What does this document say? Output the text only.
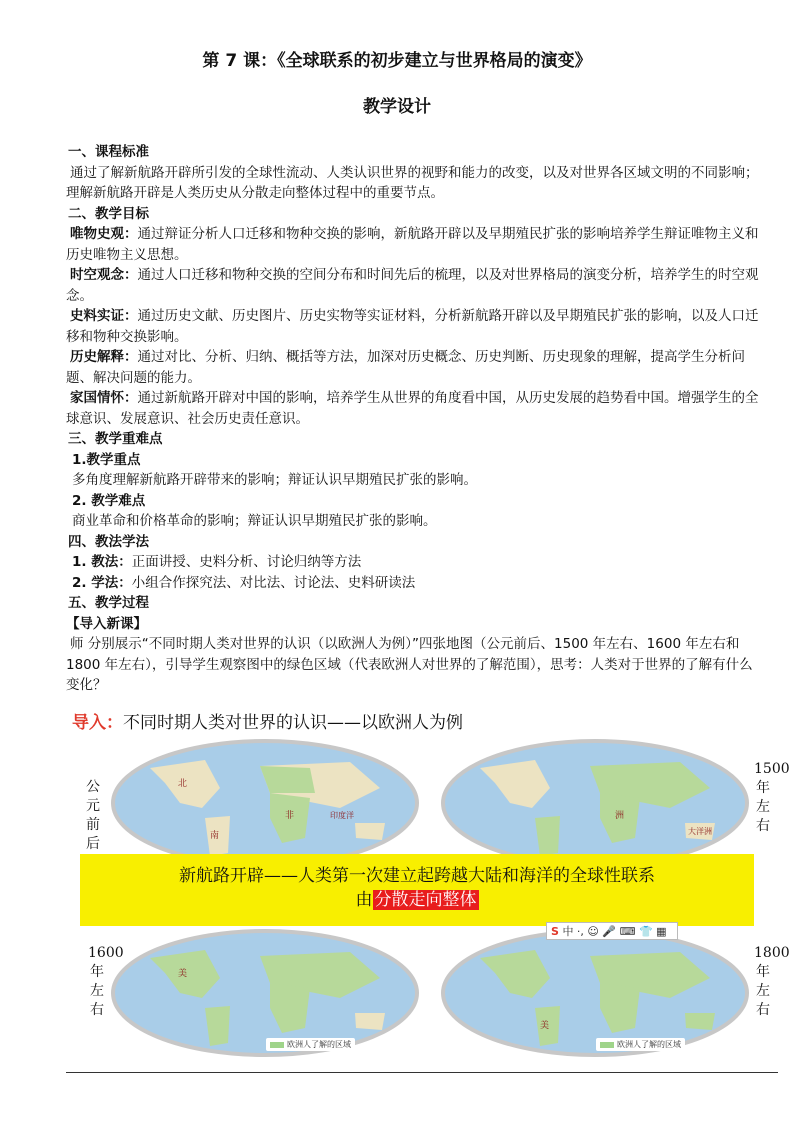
第 7 课：《全球联系的初步建立与世界格局的演变》
教学设计

一、课程标准

通过了解新航路开辟所引发的全球性流动、人类认识世界的视野和能力的改变，以及对世界各区域文明的不同影响；理解新航路开辟是人类历史从分散走向整体过程中的重要节点。

二、教学目标

唯物史观：通过辩证分析人口迁移和物种交换的影响，新航路开辟以及早期殖民扩张的影响培养学生辩证唯物主义和历史唯物主义思想。

时空观念：通过人口迁移和物种交换的空间分布和时间先后的梳理，以及对世界格局的演变分析，培养学生的时空观念。

史料实证：通过历史文献、历史图片、历史实物等实证材料，分析新航路开辟以及早期殖民扩张的影响，以及人口迁移和物种交换影响。

历史解释：通过对比、分析、归纳、概括等方法，加深对历史概念、历史判断、历史现象的理解，提高学生分析问题、解决问题的能力。

家国情怀：通过新航路开辟对中国的影响，培养学生从世界的角度看中国，从历史发展的趋势看中国。增强学生的全球意识、发展意识、社会历史责任意识。

三、教学重难点

1.教学重点

多角度理解新航路开辟带来的影响；辩证认识早期殖民扩张的影响。

2. 教学难点

商业革命和价格革命的影响；辩证认识早期殖民扩张的影响。

四、教法学法

1. 教法：正面讲授、史料分析、讨论归纳等方法

2. 学法：小组合作探究法、对比法、讨论法、史料研读法

五、教学过程

【导入新课】

师 分别展示“不同时期人类对世界的认识（以欧洲人为例）”四张地图（公元前后、1500 年左右、1600 年左右和 1800 年左右），引导学生观察图中的绿色区域（代表欧洲人对世界的了解范围），思考：人类对于世界的了解有什么变化？

导入：不同时期人类对世界的认识——以欧洲人为例
北
非
南
印度洋	洲
大洋洲
美
美
公元前后
1500年左右
1600年左右
1800年左右
新航路开辟——人类第一次建立起跨越大陆和海洋的全球性联系
由 分散走向整体
S 中 ·, ☺ 🎤 ⌨ 👕 ▦
欧洲人了解的区域	欧洲人了解的区域
